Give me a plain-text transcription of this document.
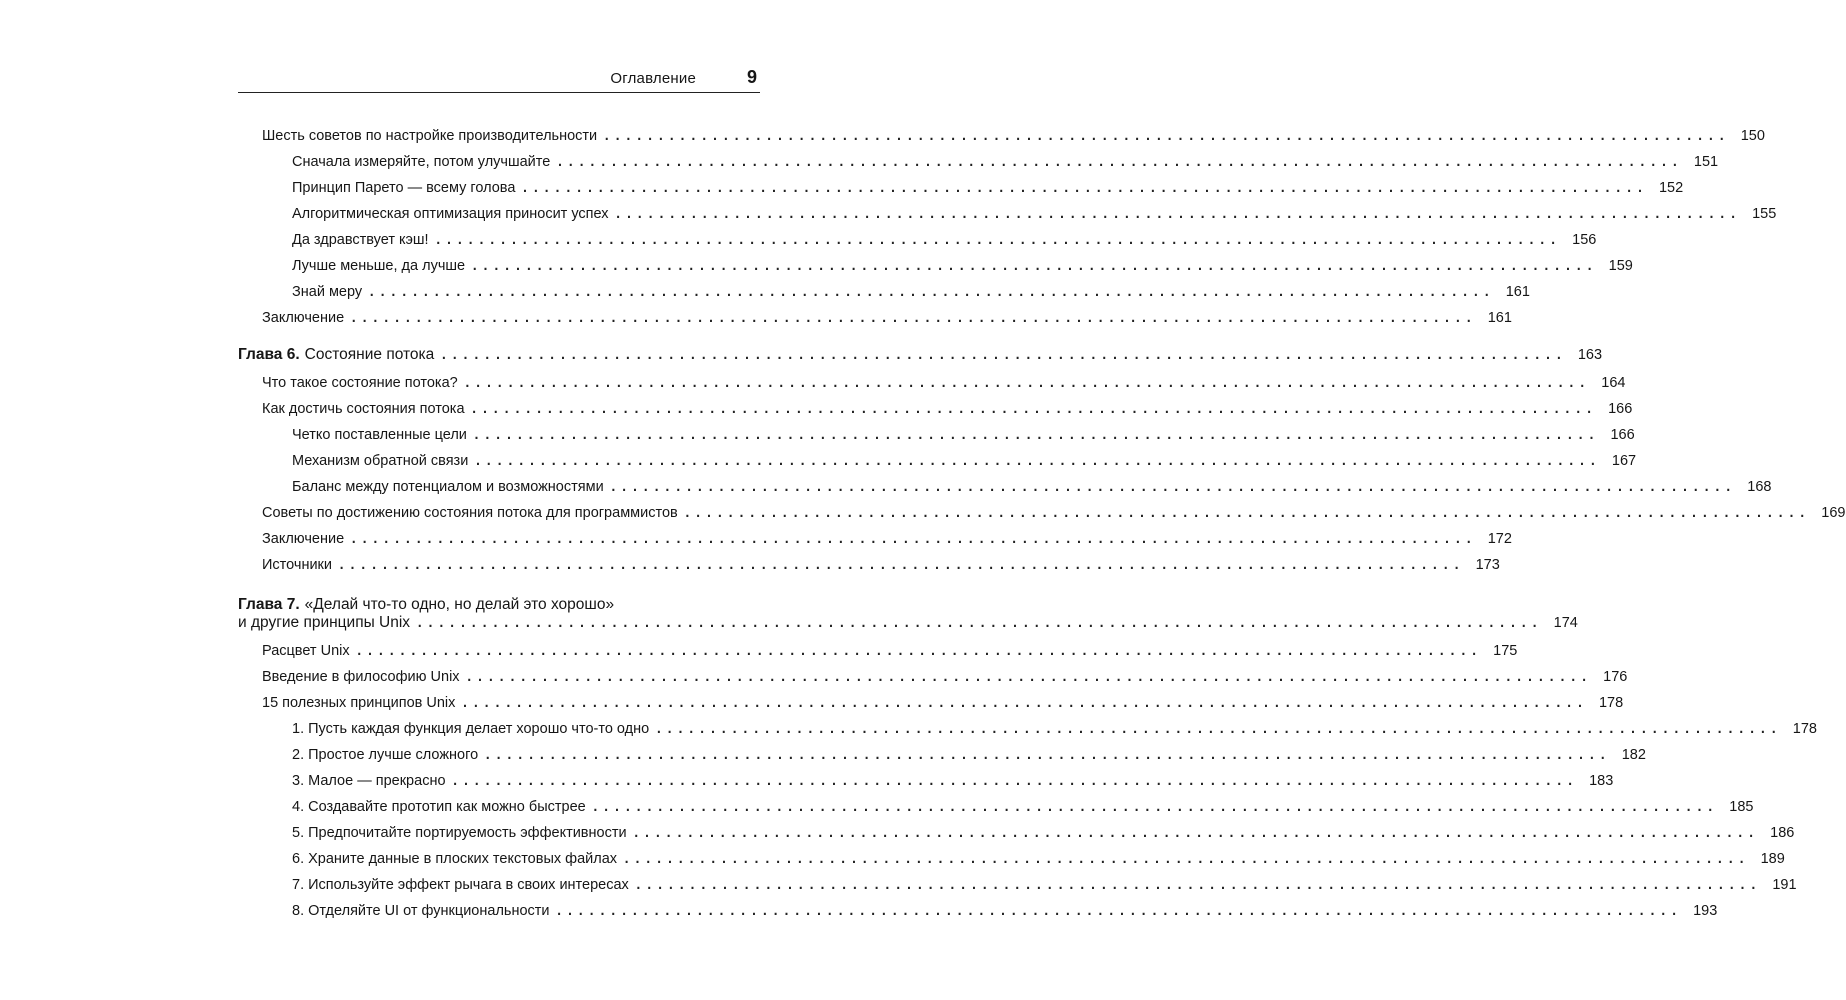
Оглавление	9
Шесть советов по настройке производительности ........................................................................................................ 150
Сначала измеряйте, потом улучшайте ........................................................................................................ 151
Принцип Парето — всему голова ........................................................................................................ 152
Алгоритмическая оптимизация приносит успех ........................................................................................................ 155
Да здравствует кэш! ........................................................................................................ 156
Лучше меньше, да лучше ........................................................................................................ 159
Знай меру ........................................................................................................ 161
Заключение ........................................................................................................ 161
Глава 6. Состояние потока ........................................................................................................ 163
Что такое состояние потока? ........................................................................................................ 164
Как достичь состояния потока ........................................................................................................ 166
Четко поставленные цели ........................................................................................................ 166
Механизм обратной связи ........................................................................................................ 167
Баланс между потенциалом и возможностями ........................................................................................................ 168
Советы по достижению состояния потока для программистов ........................................................................................................ 169
Заключение ........................................................................................................ 172
Источники ........................................................................................................ 173
Глава 7. «Делай что-то одно, но делай это хорошо»
и другие принципы Unix ........................................................................................................ 174
Расцвет Unix ........................................................................................................ 175
Введение в философию Unix ........................................................................................................ 176
15 полезных принципов Unix ........................................................................................................ 178
1. Пусть каждая функция делает хорошо что-то одно ........................................................................................................ 178
2. Простое лучше сложного ........................................................................................................ 182
3. Малое — прекрасно ........................................................................................................ 183
4. Создавайте прототип как можно быстрее ........................................................................................................ 185
5. Предпочитайте портируемость эффективности ........................................................................................................ 186
6. Храните данные в плоских текстовых файлах ........................................................................................................ 189
7. Используйте эффект рычага в своих интересах ........................................................................................................ 191
8. Отделяйте UI от функциональности ........................................................................................................ 193
